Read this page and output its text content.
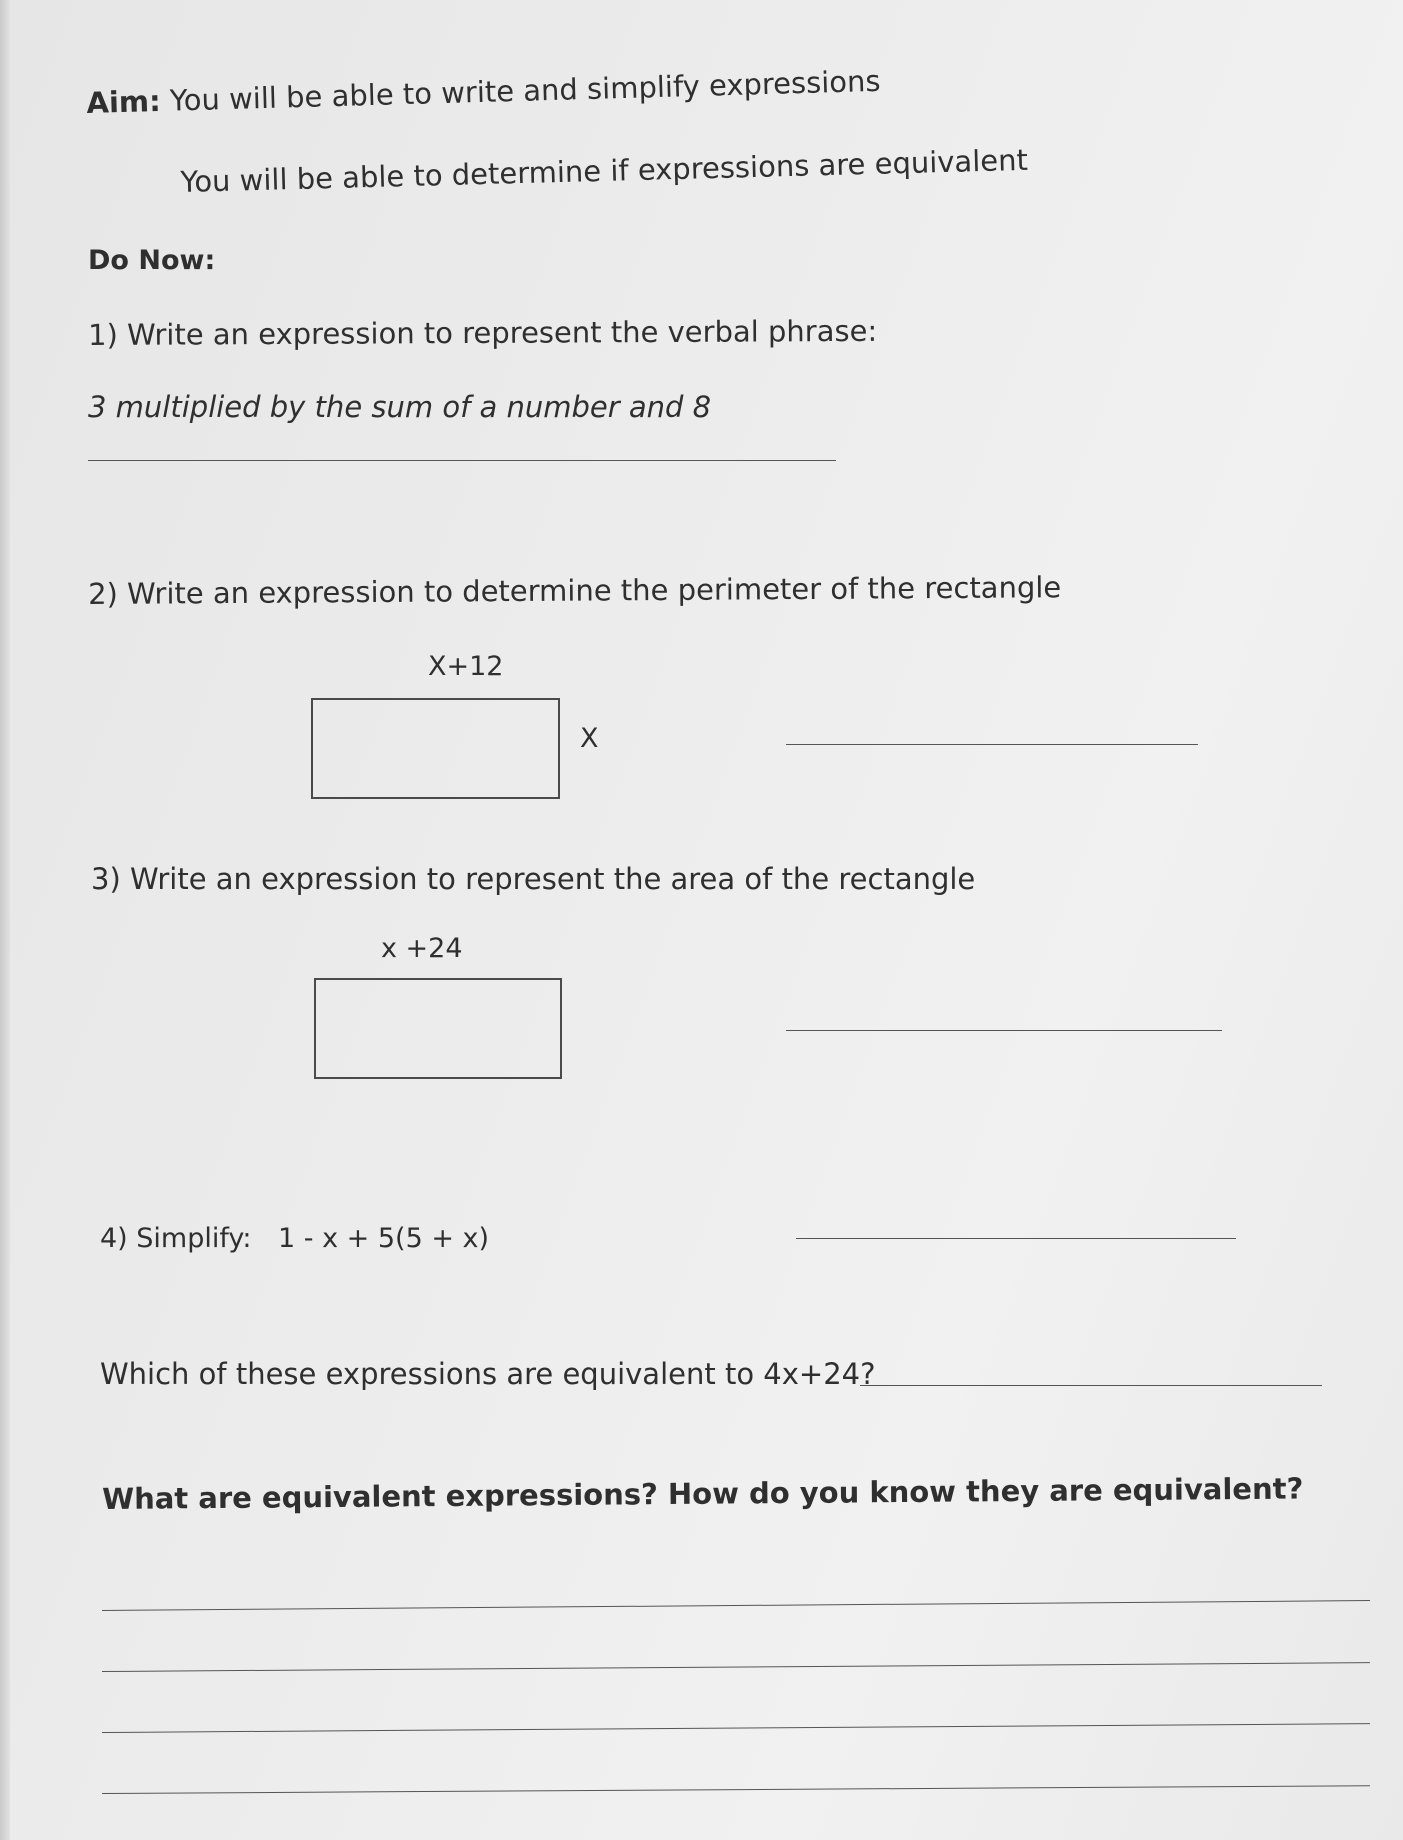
Aim: You will be able to write and simplify expressions
You will be able to determine if expressions are equivalent
Do Now:
1) Write an expression to represent the verbal phrase:
3 multiplied by the sum of a number and 8
2) Write an expression to determine the perimeter of the rectangle
X+12
X
3) Write an expression to represent the area of the rectangle
x +24
4) Simplify: 1 - x + 5(5 + x)
Which of these expressions are equivalent to 4x+24?
What are equivalent expressions? How do you know they are equivalent?
